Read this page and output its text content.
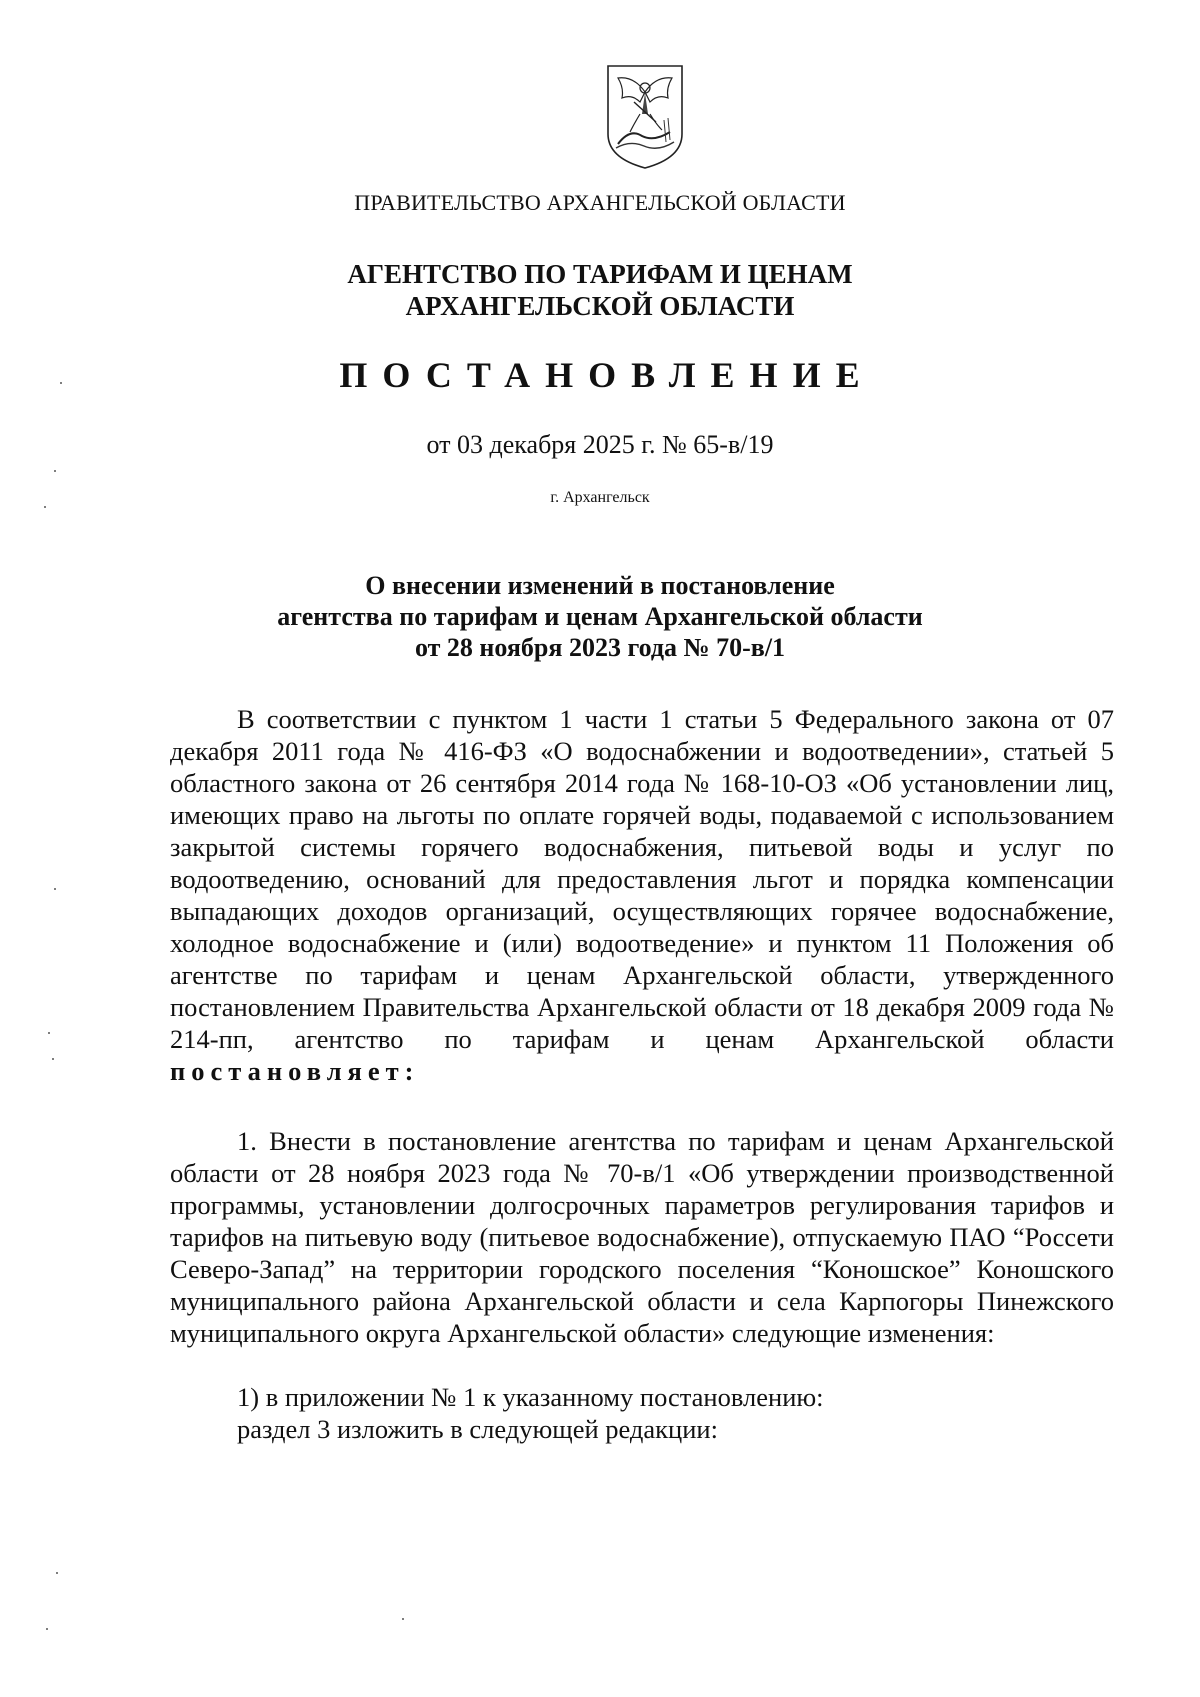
ПРАВИТЕЛЬСТВО АРХАНГЕЛЬСКОЙ ОБЛАСТИ
АГЕНТСТВО ПО ТАРИФАМ И ЦЕНАМ
АРХАНГЕЛЬСКОЙ ОБЛАСТИ
ПОСТАНОВЛЕНИЕ
от 03 декабря 2025 г. № 65-в/19
г. Архангельск
О внесении изменений в постановление
агентства по тарифам и ценам Архангельской области
от 28 ноября 2023 года № 70-в/1

В соответствии с пунктом 1 части 1 статьи 5 Федерального закона от 07 декабря 2011 года № 416-ФЗ «О водоснабжении и водоотведении», статьей 5 областного закона от 26 сентября 2014 года № 168-10-ОЗ «Об установлении лиц, имеющих право на льготы по оплате горячей воды, подаваемой с использованием закрытой системы горячего водоснабжения, питьевой воды и услуг по водоотведению, оснований для предоставления льгот и порядка компенсации выпадающих доходов организаций, осуществляющих горячее водоснабжение, холодное водоснабжение и (или) водоотведение» и пунктом 11 Положения об агентстве по тарифам и ценам Архангельской области, утвержденного постановлением Правительства Архангельской области от 18 декабря 2009 года № 214-пп, агентство по тарифам и ценам Архангельской области постановляет:

1. Внести в постановление агентства по тарифам и ценам Архангельской области от 28 ноября 2023 года № 70-в/1 «Об утверждении производственной программы, установлении долгосрочных параметров регулирования тарифов и тарифов на питьевую воду (питьевое водоснабжение), отпускаемую ПАО “Россети Северо-Запад” на территории городского поселения “Коношское” Коношского муниципального района Архангельской области и села Карпогоры Пинежского муниципального округа Архангельской области» следующие изменения:

1) в приложении № 1 к указанному постановлению:
раздел 3 изложить в следующей редакции:
